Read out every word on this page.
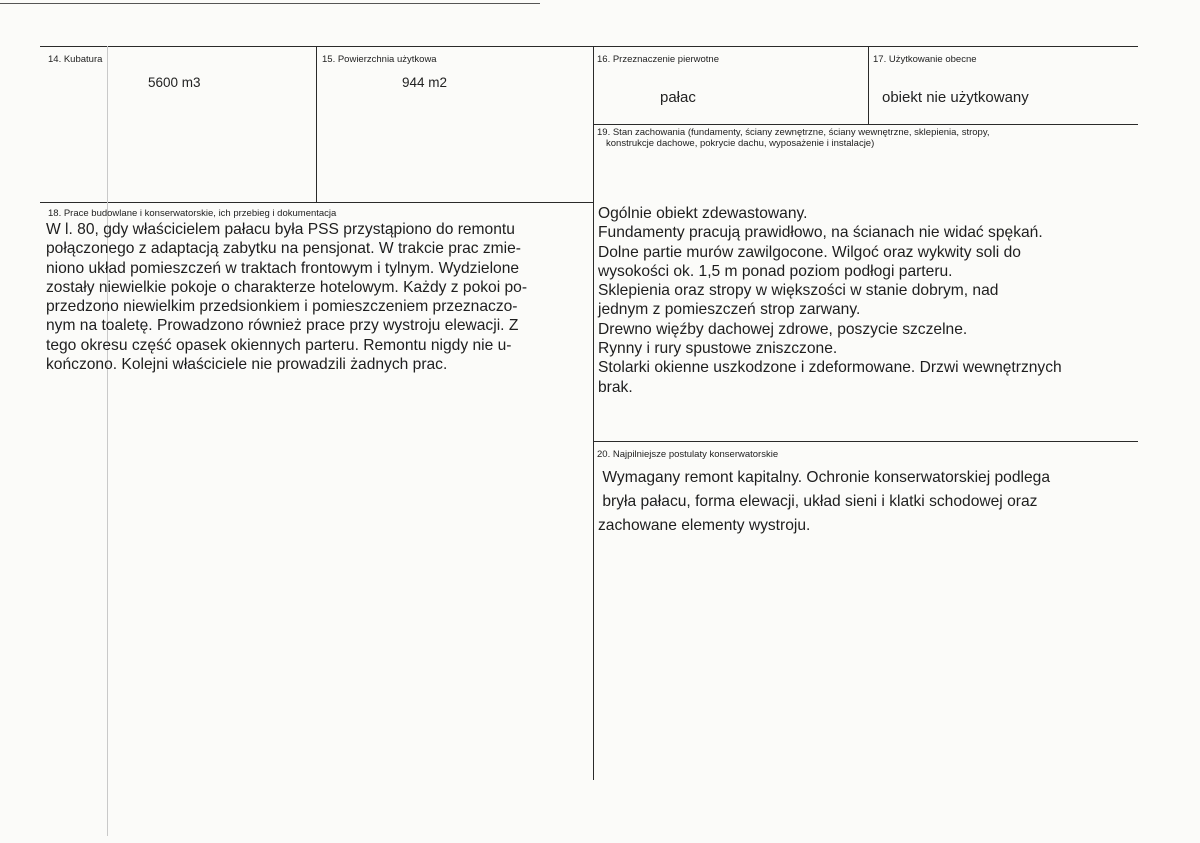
14. Kubatura
5600 m3
15. Powierzchnia użytkowa
944 m2
16. Przeznaczenie pierwotne
pałac
17. Użytkowanie obecne
obiekt nie użytkowany
19. Stan zachowania (fundamenty, ściany zewnętrzne, ściany wewnętrzne, sklepienia, stropy,
konstrukcje dachowe, pokrycie dachu, wyposażenie i instalacje)
Ogólnie obiekt zdewastowany.
Fundamenty pracują prawidłowo, na ścianach nie widać spękań.
Dolne partie murów zawilgocone. Wilgoć oraz wykwity soli do
wysokości ok. 1,5 m ponad poziom podłogi parteru.
Sklepienia oraz stropy w większości w stanie dobrym, nad
jednym z pomieszczeń strop zarwany.
Drewno więźby dachowej zdrowe, poszycie szczelne.
Rynny i rury spustowe zniszczone.
Stolarki okienne uszkodzone i zdeformowane. Drzwi wewnętrznych
brak.
18. Prace budowlane i konserwatorskie, ich przebieg i dokumentacja
W l. 80, gdy właścicielem pałacu była PSS przystąpiono do remontu
połączonego z adaptacją zabytku na pensjonat. W trakcie prac zmie-
niono układ pomieszczeń w traktach frontowym i tylnym. Wydzielone
zostały niewielkie pokoje o charakterze hotelowym. Każdy z pokoi po-
przedzono niewielkim przedsionkiem i pomieszczeniem przeznaczo-
nym na toaletę. Prowadzono również prace przy wystroju elewacji. Z
tego okresu część opasek okiennych parteru. Remontu nigdy nie u-
kończono. Kolejni właściciele nie prowadzili żadnych prac.
20. Najpilniejsze postulaty konserwatorskie
Wymagany remont kapitalny. Ochronie konserwatorskiej podlega
bryła pałacu, forma elewacji, układ sieni i klatki schodowej oraz
zachowane elementy wystroju.
